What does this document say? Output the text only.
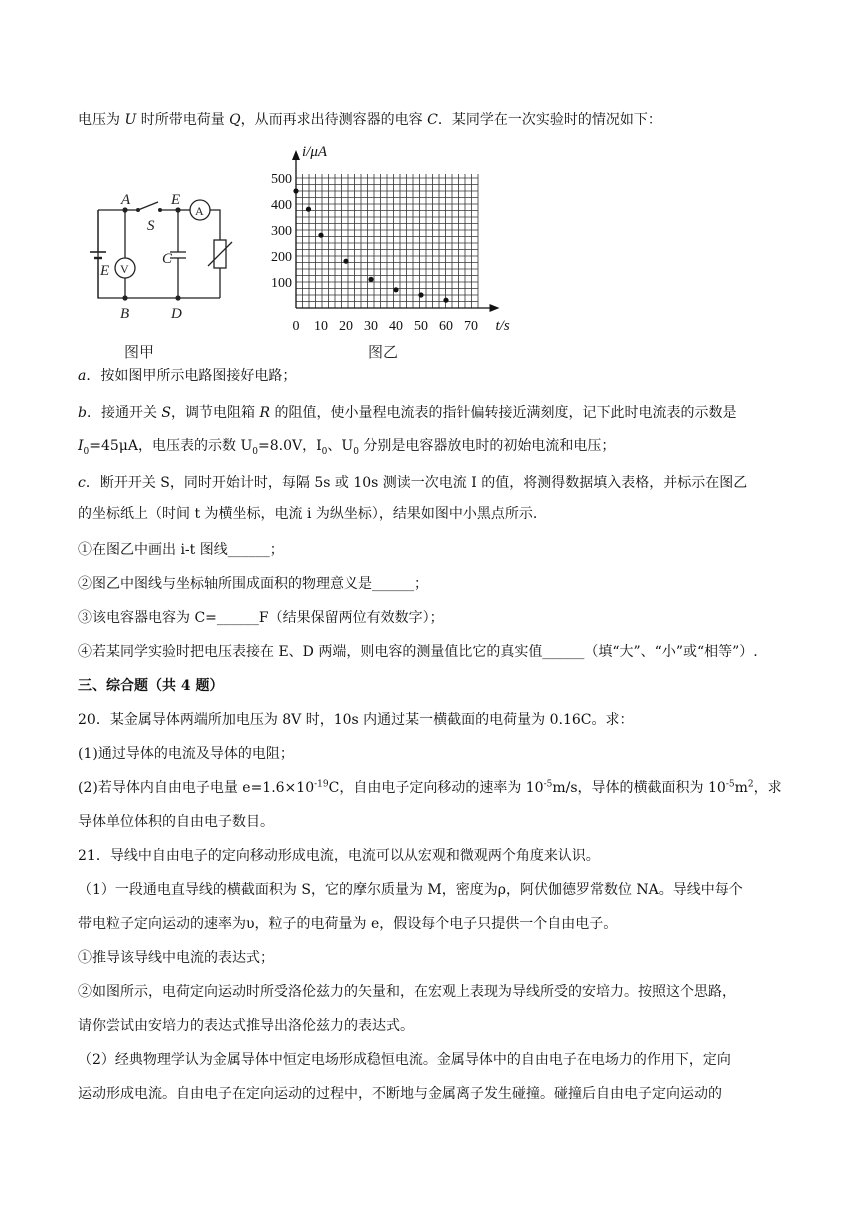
电压为 U 时所带电荷量 Q，从而再求出待测容器的电容 C．某同学在一次实验时的情况如下：
A
B
E
C
D
E
S
A
V
图甲
100
200
300
400
500
0 10 20 30 40 50 60 70
i/μA
t/s
图乙
a．按如图甲所示电路图接好电路；
b．接通开关 S，调节电阻箱 R 的阻值，使小量程电流表的指针偏转接近满刻度，记下此时电流表的示数是
$I_0=45\mu A$，电压表的示数 $U_0=8.0V$，$I_0$、$U_0$ 分别是电容器放电时的初始电流和电压；
c．断开开关 S，同时开始计时，每隔 5s 或 10s 测读一次电流 I 的值，将测得数据填入表格，并标示在图乙
的坐标纸上（时间 t 为横坐标，电流 i 为纵坐标），结果如图中小黑点所示.
①在图乙中画出 i-t 图线______；
②图乙中图线与坐标轴所围成面积的物理意义是______；
③该电容器电容为 C=______F（结果保留两位有效数字）；
④若某同学实验时把电压表接在 E、D 两端，则电容的测量值比它的真实值______（填“大”、“小”或“相等”）.
三、综合题（共 4 题）
20．某金属导体两端所加电压为 8V 时，10s 内通过某一横截面的电荷量为 0.16C。求：
(1)通过导体的电流及导体的电阻；
(2)若导体内自由电子电量 $e=1.6\times 10^{-19}C$，自由电子定向移动的速率为 $10^{-5}m/s$，导体的横截面积为 $10^{-5}m^2$，求
导体单位体积的自由电子数目。
21．导线中自由电子的定向移动形成电流，电流可以从宏观和微观两个角度来认识。
（1）一段通电直导线的横截面积为 S，它的摩尔质量为 M，密度为ρ，阿伏伽德罗常数位 NA。导线中每个
带电粒子定向运动的速率为υ，粒子的电荷量为 e，假设每个电子只提供一个自由电子。
①推导该导线中电流的表达式；
②如图所示，电荷定向运动时所受洛伦兹力的矢量和，在宏观上表现为导线所受的安培力。按照这个思路，
请你尝试由安培力的表达式推导出洛伦兹力的表达式。
（2）经典物理学认为金属导体中恒定电场形成稳恒电流。金属导体中的自由电子在电场力的作用下，定向
运动形成电流。自由电子在定向运动的过程中，不断地与金属离子发生碰撞。碰撞后自由电子定向运动的
